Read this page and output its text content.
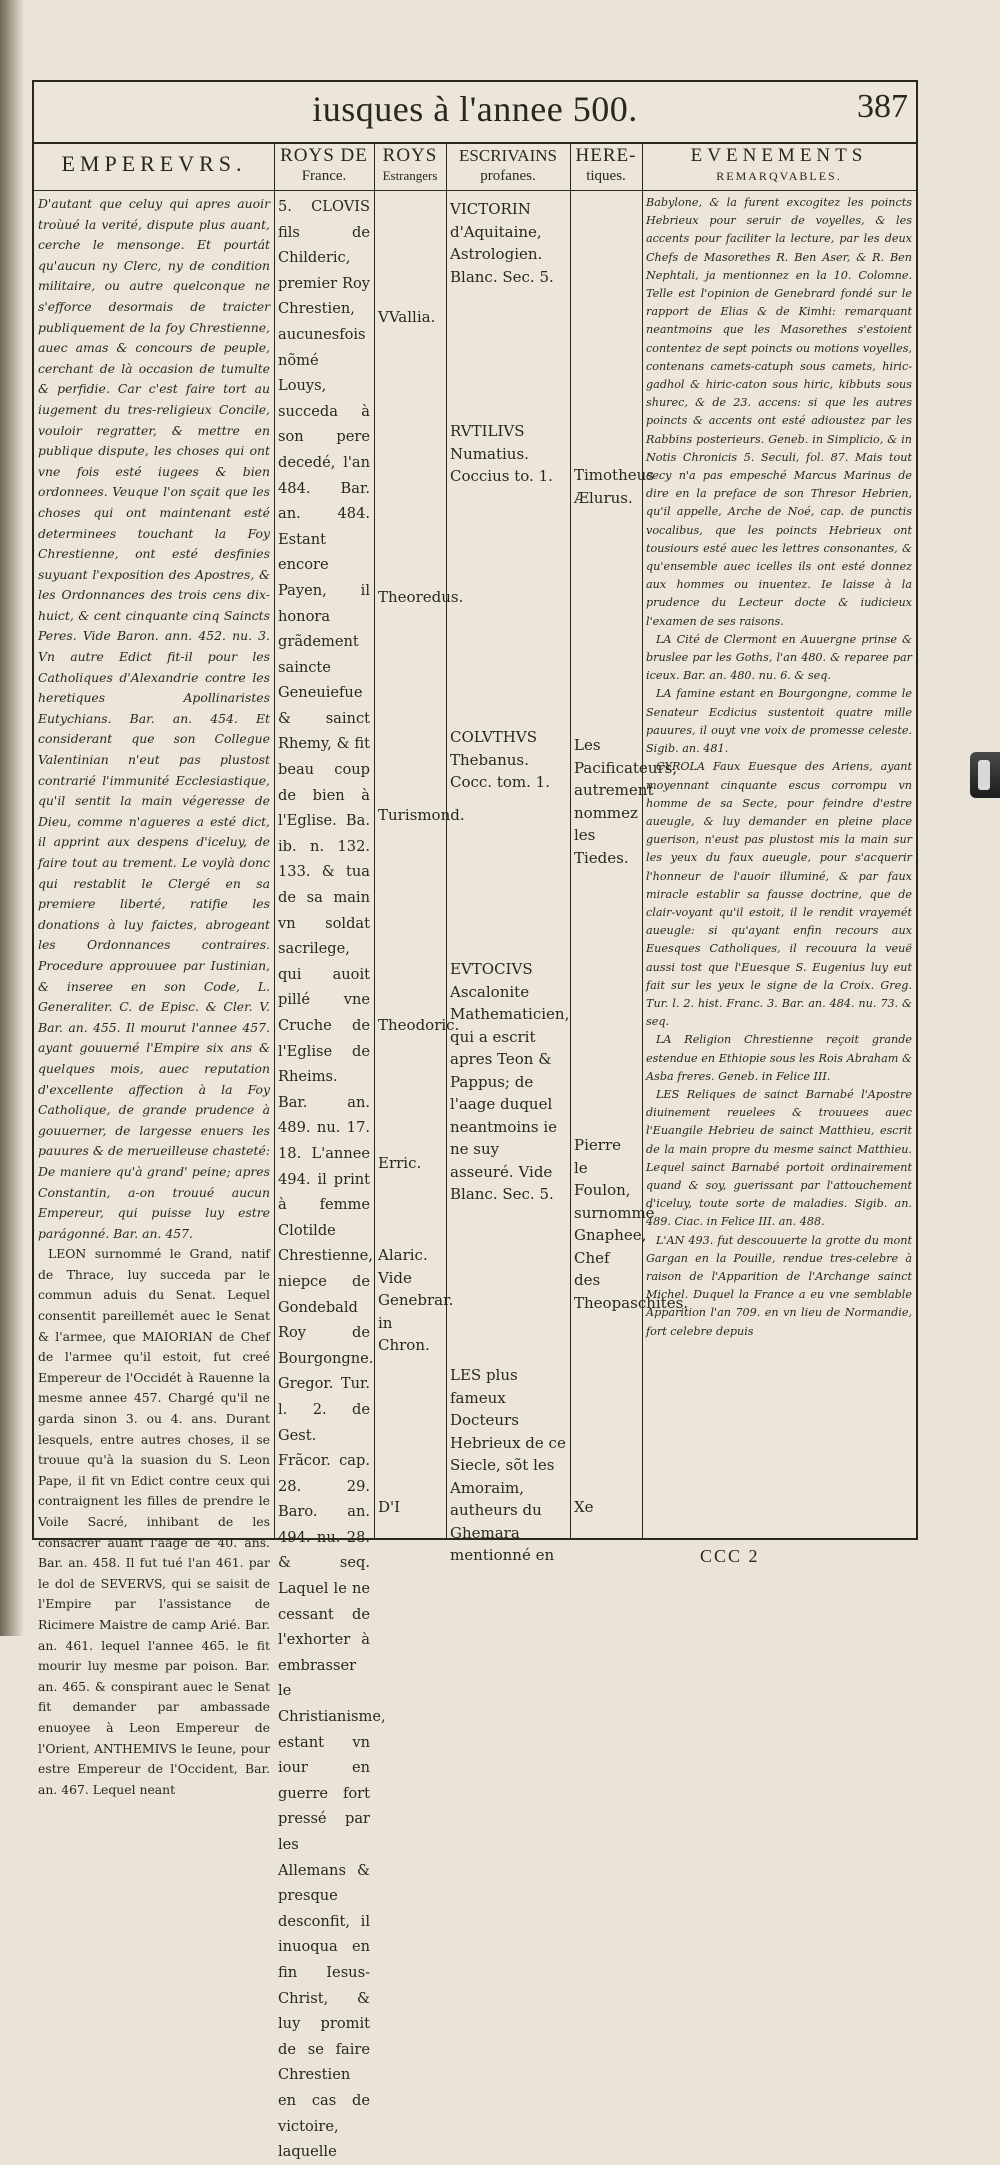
iusques à l'annee 500.	387
EMPEREVRS.	ROYS DE
France.
ROYS
Estrangers
ESCRIVAINS
profanes.
HERE-
tiques.
EVENEMENTS
REMARQVABLES.

D'autant que celuy qui apres auoir troùué la verité, dispute plus auant, cerche le mensonge. Et pourtát qu'aucun ny Clerc, ny de condition militaire, ou autre quelconque ne s'efforce desormais de traicter publiquement de la foy Chrestienne, auec amas & concours de peuple, cerchant de là occasion de tumulte & perfidie. Car c'est faire tort au iugement du tres-religieux Concile, vouloir regratter, & mettre en publique dispute, les choses qui ont vne fois esté iugees & bien ordonnees. Veuque l'on sçait que les choses qui ont maintenant esté determinees touchant la Foy Chrestienne, ont esté desfinies suyuant l'exposition des Apostres, & les Ordonnances des trois cens dix-huict, & cent cinquante cinq Saincts Peres. Vide Baron. ann. 452. nu. 3. Vn autre Edict fit-il pour les Catholiques d'Alexandrie contre les heretiques Apollinaristes Eutychians. Bar. an. 454. Et considerant que son Collegue Valentinian n'eut pas plustost contrarié l'immunité Ecclesiastique, qu'il sentit la main végeresse de Dieu, comme n'agueres a esté dict, il apprint aux despens d'iceluy, de faire tout au trement. Le voylà donc qui restablit le Clergé en sa premiere liberté, ratifie les donations à luy faictes, abrogeant les Ordonnances contraires. Procedure approuuee par Iustinian, & inseree en son Code, L. Generaliter. C. de Episc. & Cler. V. Bar. an. 455. Il mourut l'annee 457. ayant gouuerné l'Empire six ans & quelques mois, auec reputation d'excellente affection à la Foy Catholique, de grande prudence à gouuerner, de largesse enuers les pauures & de merueilleuse chasteté: De maniere qu'à grand' peine; apres Constantin, a-on trouué aucun Empereur, qui puisse luy estre parágonné. Bar. an. 457.

LEON surnommé le Grand, natif de Thrace, luy succeda par le commun aduis du Senat. Lequel consentit pareillemét auec le Senat & l'armee, que MAIORIAN de Chef de l'armee qu'il estoit, fut creé Empereur de l'Occidét à Rauenne la mesme annee 457. Chargé qu'il ne garda sinon 3. ou 4. ans. Durant lesquels, entre autres choses, il se trouue qu'à la suasion du S. Leon Pape, il fit vn Edict contre ceux qui contraignent les filles de prendre le Voile Sacré, inhibant de les consacrer auant l'aage de 40. ans. Bar. an. 458. Il fut tué l'an 461. par le dol de SEVERVS, qui se saisit de l'Empire par l'assistance de Ricimere Maistre de camp Arié. Bar. an. 461. lequel l'annee 465. le fit mourir luy mesme par poison. Bar. an. 465. & conspirant auec le Senat fit demander par ambassade enuoyee à Leon Empereur de l'Orient, ANTHEMIVS le Ieune, pour estre Empereur de l'Occident, Bar. an. 467. Lequel neant

5. CLOVIS fils de Childeric, premier Roy Chrestien, aucunesfois nõmé Louys, succeda à son pere decedé, l'an 484. Bar. an. 484. Estant encore Payen, il honora grãdement saincte Geneuiefue & sainct Rhemy, & fit beau coup de bien à l'Eglise. Ba. ib. n. 132. 133. & tua de sa main vn soldat sacrilege, qui auoit pillé vne Cruche de l'Eglise de Rheims. Bar. an. 489. nu. 17. 18. L'annee 494. il print à femme Clotilde Chrestienne, niepce de Gondebald Roy de Bourgongne. Gregor. Tur. l. 2. de Gest. Frãcor. cap. 28. 29. Baro. an. 494. nu. 28. & seq. Laquel le ne cessant de l'exhorter à embrasser le Christianisme, estant vn iour en guerre fort pressé par les Allemans & presque desconfit, il inuoqua en fin Iesus-Christ, & luy promit de se faire Chrestien en cas de victoire, laquelle

VVallia.
Theoredus.
Turismond.
Theodoric.
Erric.
Alaric. Vide Genebrar. in Chron.
D'I
VICTORIN d'Aquitaine, Astrologien. Blanc. Sec. 5.
RVTILIVS Numatius. Coccius to. 1.
COLVTHVS Thebanus. Cocc. tom. 1.
EVTOCIVS Ascalonite Mathematicien, qui a escrit apres Teon & Pappus; de l'aage duquel neantmoins ie ne suy asseuré. Vide Blanc. Sec. 5.
LES plus fameux Docteurs Hebrieux de ce Siecle, sõt les Amoraim, autheurs du Ghemara mentionné en
Timotheus Ælurus.
Les Pacificateurs, autrement nommez les Tiedes.
Pierre le Foulon, surnommé Gnaphee, Chef des Theopaschites.
Xe

Babylone, & la furent excogitez les poincts Hebrieux pour seruir de voyelles, & les accents pour faciliter la lecture, par les deux Chefs de Masorethes R. Ben Aser, & R. Ben Nephtali, ja mentionnez en la 10. Colomne. Telle est l'opinion de Genebrard fondé sur le rapport de Elias & de Kimhi: remarquant neantmoins que les Masorethes s'estoient contentez de sept poincts ou motions voyelles, contenans camets-catuph sous camets, hiric-gadhol & hiric-caton sous hiric, kibbuts sous shurec, & de 23. accens: si que les autres poincts & accents ont esté adioustez par les Rabbins posterieurs. Geneb. in Simplicio, & in Notis Chronicis 5. Seculi, fol. 87. Mais tout cecy n'a pas empesché Marcus Marinus de dire en la preface de son Thresor Hebrien, qu'il appelle, Arche de Noé, cap. de punctis vocalibus, que les poincts Hebrieux ont tousiours esté auec les lettres consonantes, & qu'ensemble auec icelles ils ont esté donnez aux hommes ou inuentez. Ie laisse à la prudence du Lecteur docte & iudicieux l'examen de ses raisons.

LA Cité de Clermont en Auuergne prinse & bruslee par les Goths, l'an 480. & reparee par iceux. Bar. an. 480. nu. 6. & seq.

LA famine estant en Bourgongne, comme le Senateur Ecdicius sustentoit quatre mille pauures, il ouyt vne voix de promesse celeste. Sigib. an. 481.

CYROLA Faux Euesque des Ariens, ayant moyennant cinquante escus corrompu vn homme de sa Secte, pour feindre d'estre aueugle, & luy demander en pleine place guerison, n'eust pas plustost mis la main sur les yeux du faux aueugle, pour s'acquerir l'honneur de l'auoir illuminé, & par faux miracle establir sa fausse doctrine, que de clair-voyant qu'il estoit, il le rendit vrayemét aueugle: si qu'ayant enfin recours aux Euesques Catholiques, il recouura la veuë aussi tost que l'Euesque S. Eugenius luy eut fait sur les yeux le signe de la Croix. Greg. Tur. l. 2. hist. Franc. 3. Bar. an. 484. nu. 73. & seq.

LA Religion Chrestienne reçoit grande estendue en Ethiopie sous les Rois Abraham & Asba freres. Geneb. in Felice III.

LES Reliques de sainct Barnabé l'Apostre diuinement reuelees & trouuees auec l'Euangile Hebrieu de sainct Matthieu, escrit de la main propre du mesme sainct Matthieu. Lequel sainct Barnabé portoit ordinairement quand & soy, guerissant par l'attouchement d'iceluy, toute sorte de maladies. Sigib. an. 489. Ciac. in Felice III. an. 488.

L'AN 493. fut descouuerte la grotte du mont Gargan en la Pouille, rendue tres-celebre à raison de l'Apparition de l'Archange sainct Michel. Duquel la France a eu vne semblable Apparition l'an 709. en vn lieu de Normandie, fort celebre depuis

CCC 2
